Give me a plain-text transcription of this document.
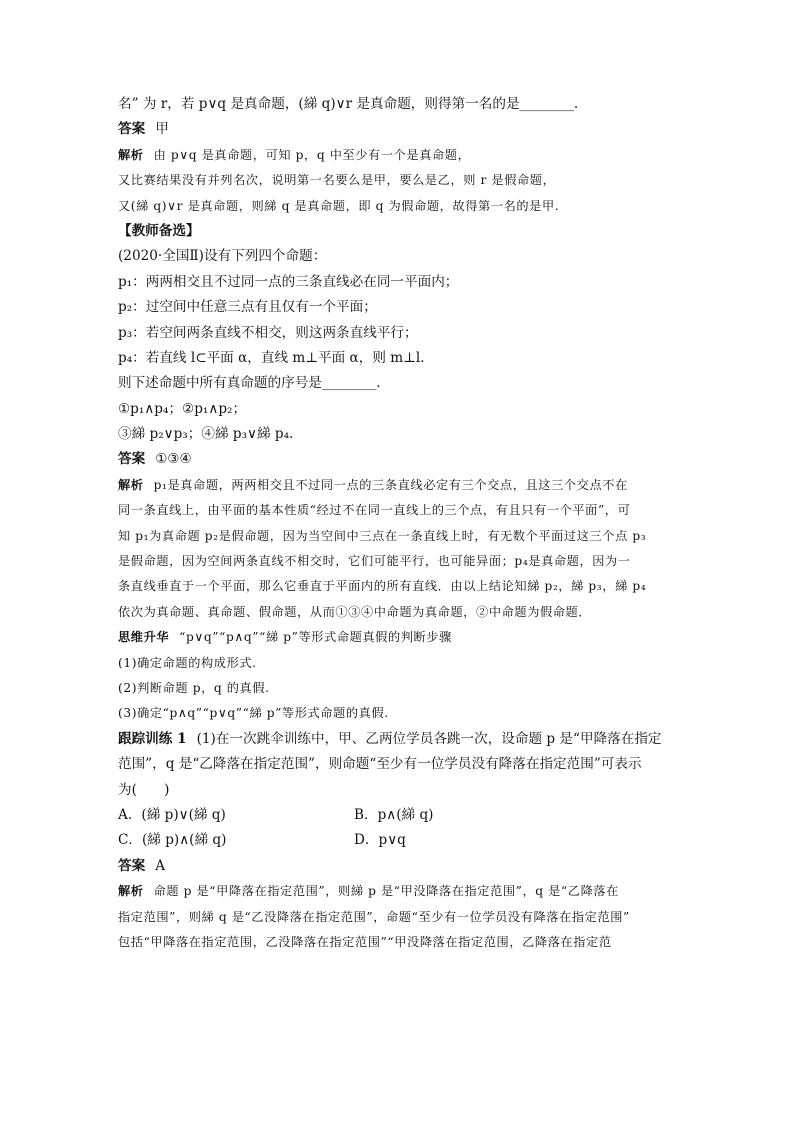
名” 为 r，若 p∨q 是真命题，(綈 q)∨r 是真命题，则得第一名的是________.
答案 甲
解析 由 p∨q 是真命题，可知 p，q 中至少有一个是真命题，
又比赛结果没有并列名次，说明第一名要么是甲，要么是乙，则 r 是假命题，
又(綈 q)∨r 是真命题，则綈 q 是真命题，即 q 为假命题，故得第一名的是甲.
【教师备选】
(2020·全国Ⅱ)设有下列四个命题：
p₁：两两相交且不过同一点的三条直线必在同一平面内；
p₂：过空间中任意三点有且仅有一个平面；
p₃：若空间两条直线不相交，则这两条直线平行；
p₄：若直线 l⊂平面 α，直线 m⊥平面 α，则 m⊥l.
则下述命题中所有真命题的序号是________.
①p₁∧p₄；②p₁∧p₂；
③綈 p₂∨p₃；④綈 p₃∨綈 p₄.
答案 ①③④
解析 p₁是真命题，两两相交且不过同一点的三条直线必定有三个交点，且这三个交点不在
同一条直线上，由平面的基本性质“经过不在同一直线上的三个点，有且只有一个平面”，可
知 p₁为真命题 p₂是假命题，因为当空间中三点在一条直线上时，有无数个平面过这三个点 p₃
是假命题，因为空间两条直线不相交时，它们可能平行，也可能异面；p₄是真命题，因为一
条直线垂直于一个平面，那么它垂直于平面内的所有直线．由以上结论知綈 p₂，綈 p₃，綈 p₄
依次为真命题、真命题、假命题，从而①③④中命题为真命题，②中命题为假命题．
思维升华 “p∨q”“p∧q”“綈 p”等形式命题真假的判断步骤
(1)确定命题的构成形式.
(2)判断命题 p，q 的真假.
(3)确定“p∧q”“p∨q”“綈 p”等形式命题的真假.
跟踪训练 1 (1)在一次跳伞训练中，甲、乙两位学员各跳一次，设命题 p 是“甲降落在指定
范围”，q 是“乙降落在指定范围”，则命题“至少有一位学员没有降落在指定范围”可表示
为(　　)
A．(綈 p)∨(綈 q)	B．p∧(綈 q)
C．(綈 p)∧(綈 q)	D．p∨q
答案 A
解析 命题 p 是“甲降落在指定范围”，则綈 p 是“甲没降落在指定范围”，q 是“乙降落在
指定范围”，则綈 q 是“乙没降落在指定范围”，命题“至少有一位学员没有降落在指定范围”
包括“甲降落在指定范围，乙没降落在指定范围”“甲没降落在指定范围，乙降落在指定范
